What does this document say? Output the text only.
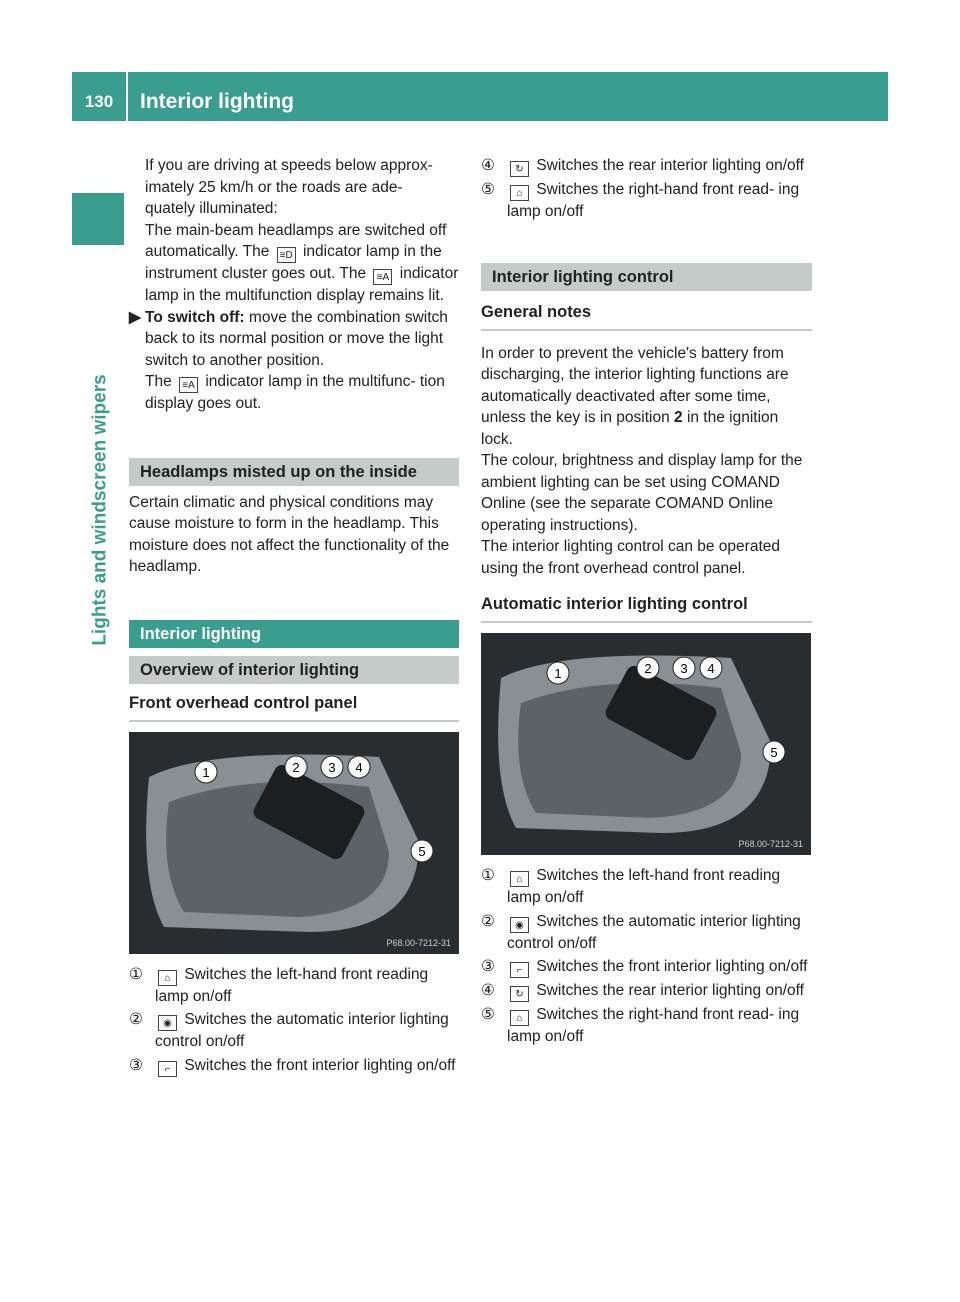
130	Interior lighting
Lights and windscreen wipers

If you are driving at speeds below approx-

imately 25 km/h or the roads are ade-

quately illuminated:

The main-beam headlamps are switched off automatically. The ≡D indicator lamp in the instrument cluster goes out. The ≡A indicator lamp in the multifunction display remains lit.

▶ To switch off: move the combination switch back to its normal position or move the light switch to another position.
The ≡A indicator lamp in the multifunc- tion display goes out.
Headlamps misted up on the inside

Certain climatic and physical conditions may cause moisture to form in the headlamp. This moisture does not affect the functionality of the headlamp.

Interior lighting
Overview of interior lighting
Front overhead control panel
1	2 3 4
5
P68.00-7212-31
① ⌂ Switches the left-hand front reading lamp on/off
② ◉ Switches the automatic interior lighting control on/off
③ ⌐ Switches the front interior lighting on/off
④ ↻ Switches the rear interior lighting on/off
⑤ ⌂ Switches the right-hand front read- ing lamp on/off
Interior lighting control
General notes

In order to prevent the vehicle's battery from discharging, the interior lighting functions are automatically deactivated after some time, unless the key is in position 2 in the ignition lock.

The colour, brightness and display lamp for the ambient lighting can be set using COMAND Online (see the separate COMAND Online operating instructions).

The interior lighting control can be operated using the front overhead control panel.

Automatic interior lighting control
1	2 3 4
5
P68.00-7212-31
① ⌂ Switches the left-hand front reading lamp on/off
② ◉ Switches the automatic interior lighting control on/off
③ ⌐ Switches the front interior lighting on/off
④ ↻ Switches the rear interior lighting on/off
⑤ ⌂ Switches the right-hand front read- ing lamp on/off
